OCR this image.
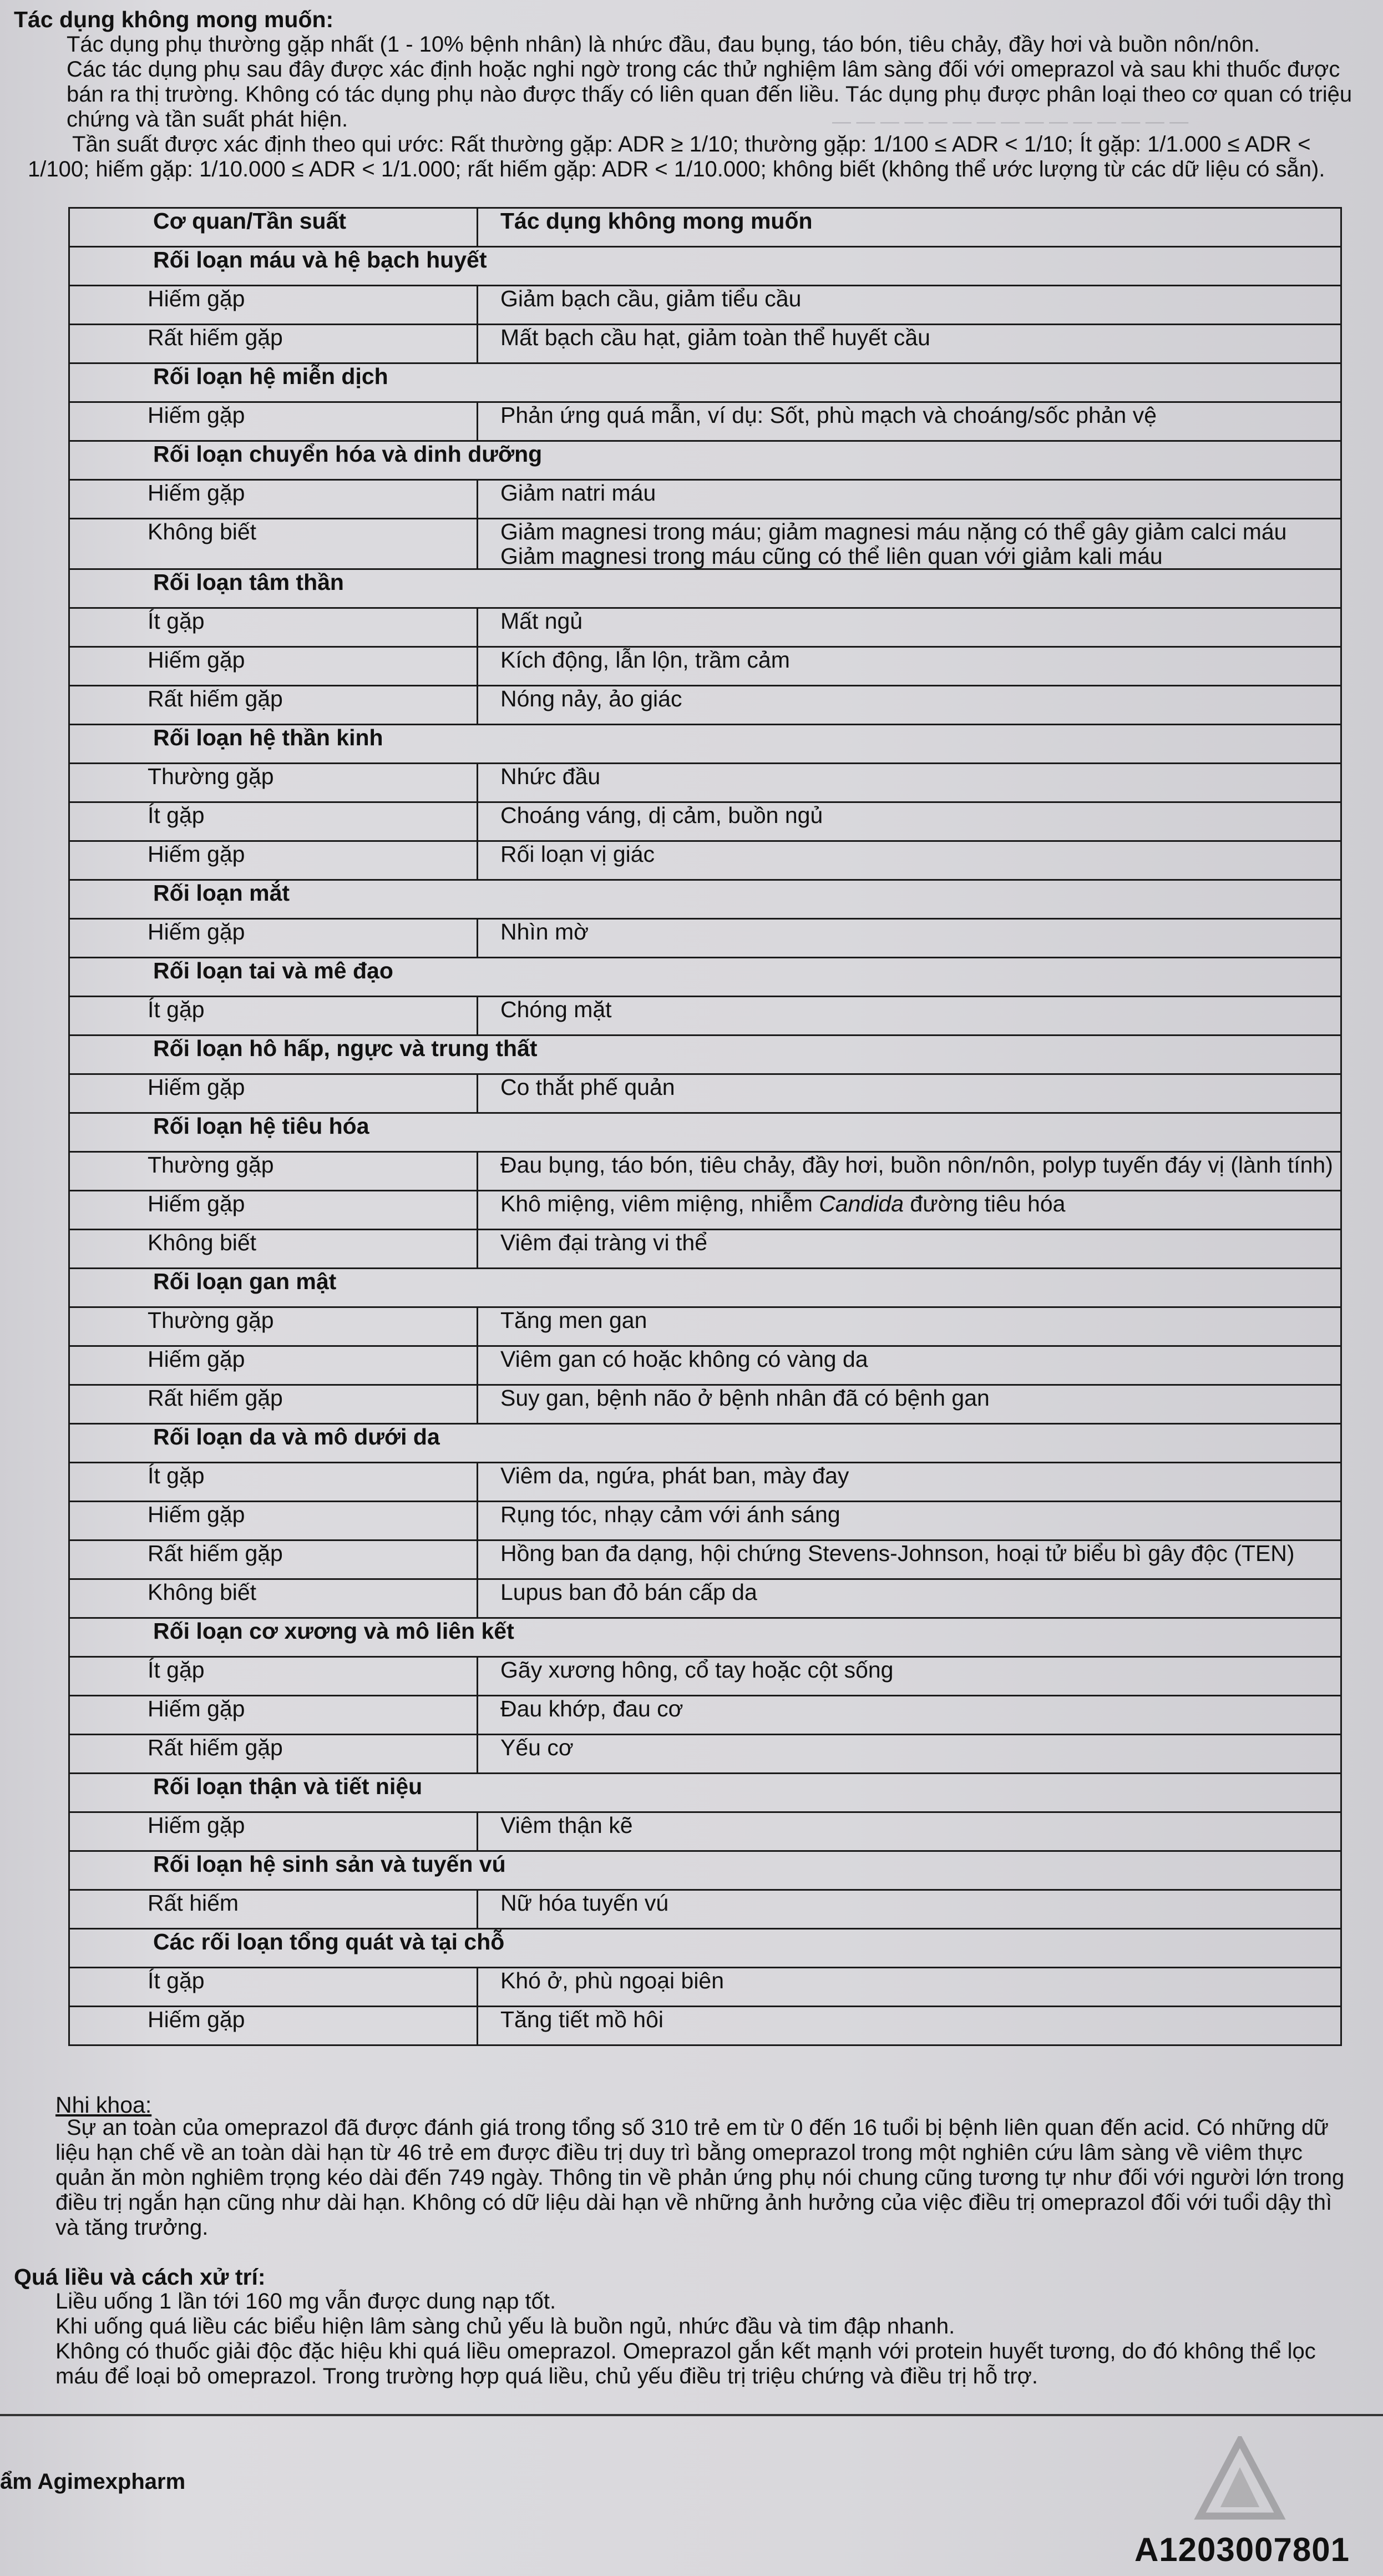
— — — — — — — — — — — — — — —
Tác dụng không mong muốn:

Tác dụng phụ thường gặp nhất (1 - 10% bệnh nhân) là nhức đầu, đau bụng, táo bón, tiêu chảy, đầy hơi và buồn nôn/nôn.

Các tác dụng phụ sau đây được xác định hoặc nghi ngờ trong các thử nghiệm lâm sàng đối với omeprazol và sau khi thuốc được bán ra thị trường. Không có tác dụng phụ nào được thấy có liên quan đến liều. Tác dụng phụ được phân loại theo cơ quan có triệu chứng và tần suất phát hiện.

Tần suất được xác định theo qui ước: Rất thường gặp: ADR ≥ 1/10; thường gặp: 1/100 ≤ ADR < 1/10; Ít gặp: 1/1.000 ≤ ADR < 1/100; hiếm gặp: 1/10.000 ≤ ADR < 1/1.000; rất hiếm gặp: ADR < 1/10.000; không biết (không thể ước lượng từ các dữ liệu có sẵn).
Cơ quan/Tần suất	Tác dụng không mong muốn
Rối loạn máu và hệ bạch huyết	
Hiếm gặp	Giảm bạch cầu, giảm tiểu cầu
Rất hiếm gặp	Mất bạch cầu hạt, giảm toàn thể huyết cầu
Rối loạn hệ miễn dịch	
Hiếm gặp	Phản ứng quá mẫn, ví dụ: Sốt, phù mạch và choáng/sốc phản vệ
Rối loạn chuyển hóa và dinh dưỡng	
Hiếm gặp	Giảm natri máu
Không biết	Giảm magnesi trong máu; giảm magnesi máu nặng có thể gây giảm calci máu
Giảm magnesi trong máu cũng có thể liên quan với giảm kali máu
Rối loạn tâm thần	
Ít gặp	Mất ngủ
Hiếm gặp	Kích động, lẫn lộn, trầm cảm
Rất hiếm gặp	Nóng nảy, ảo giác
Rối loạn hệ thần kinh	
Thường gặp	Nhức đầu
Ít gặp	Choáng váng, dị cảm, buồn ngủ
Hiếm gặp	Rối loạn vị giác
Rối loạn mắt	
Hiếm gặp	Nhìn mờ
Rối loạn tai và mê đạo	
Ít gặp	Chóng mặt
Rối loạn hô hấp, ngực và trung thất	
Hiếm gặp	Co thắt phế quản
Rối loạn hệ tiêu hóa	
Thường gặp	Đau bụng, táo bón, tiêu chảy, đầy hơi, buồn nôn/nôn, polyp tuyến đáy vị (lành tính)
Hiếm gặp	Khô miệng, viêm miệng, nhiễm Candida đường tiêu hóa
Không biết	Viêm đại tràng vi thể
Rối loạn gan mật	
Thường gặp	Tăng men gan
Hiếm gặp	Viêm gan có hoặc không có vàng da
Rất hiếm gặp	Suy gan, bệnh não ở bệnh nhân đã có bệnh gan
Rối loạn da và mô dưới da	
Ít gặp	Viêm da, ngứa, phát ban, mày đay
Hiếm gặp	Rụng tóc, nhạy cảm với ánh sáng
Rất hiếm gặp	Hồng ban đa dạng, hội chứng Stevens-Johnson, hoại tử biểu bì gây độc (TEN)
Không biết	Lupus ban đỏ bán cấp da
Rối loạn cơ xương và mô liên kết	
Ít gặp	Gãy xương hông, cổ tay hoặc cột sống
Hiếm gặp	Đau khớp, đau cơ
Rất hiếm gặp	Yếu cơ
Rối loạn thận và tiết niệu	
Hiếm gặp	Viêm thận kẽ
Rối loạn hệ sinh sản và tuyến vú	
Rất hiếm	Nữ hóa tuyến vú
Các rối loạn tổng quát và tại chỗ	
Ít gặp	Khó ở, phù ngoại biên
Hiếm gặp	Tăng tiết mồ hôi
Nhi khoa:
Sự an toàn của omeprazol đã được đánh giá trong tổng số 310 trẻ em từ 0 đến 16 tuổi bị bệnh liên quan đến acid. Có những dữ liệu hạn chế về an toàn dài hạn từ 46 trẻ em được điều trị duy trì bằng omeprazol trong một nghiên cứu lâm sàng về viêm thực quản ăn mòn nghiêm trọng kéo dài đến 749 ngày. Thông tin về phản ứng phụ nói chung cũng tương tự như đối với người lớn trong điều trị ngắn hạn cũng như dài hạn. Không có dữ liệu dài hạn về những ảnh hưởng của việc điều trị omeprazol đối với tuổi dậy thì và tăng trưởng.
Quá liều và cách xử trí:

Liều uống 1 lần tới 160 mg vẫn được dung nạp tốt.

Khi uống quá liều các biểu hiện lâm sàng chủ yếu là buồn ngủ, nhức đầu và tim đập nhanh.

Không có thuốc giải độc đặc hiệu khi quá liều omeprazol. Omeprazol gắn kết mạnh với protein huyết tương, do đó không thể lọc máu để loại bỏ omeprazol. Trong trường hợp quá liều, chủ yếu điều trị triệu chứng và điều trị hỗ trợ.

ẩm Agimexpharm
A1203007801
